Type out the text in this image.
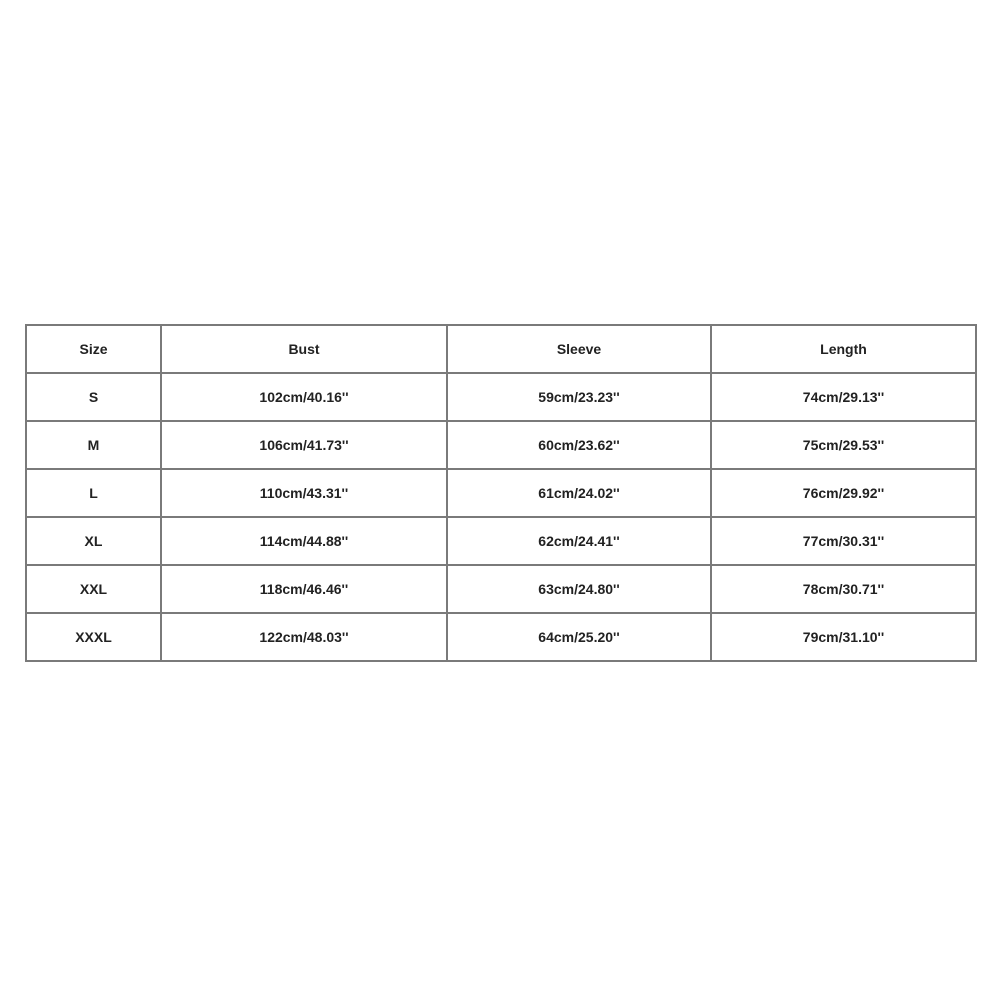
Size	Bust	Sleeve	Length
S	102cm/40.16''	59cm/23.23''	74cm/29.13''
M	106cm/41.73''	60cm/23.62''	75cm/29.53''
L	110cm/43.31''	61cm/24.02''	76cm/29.92''
XL	114cm/44.88''	62cm/24.41''	77cm/30.31''
XXL	118cm/46.46''	63cm/24.80''	78cm/30.71''
XXXL	122cm/48.03''	64cm/25.20''	79cm/31.10''
